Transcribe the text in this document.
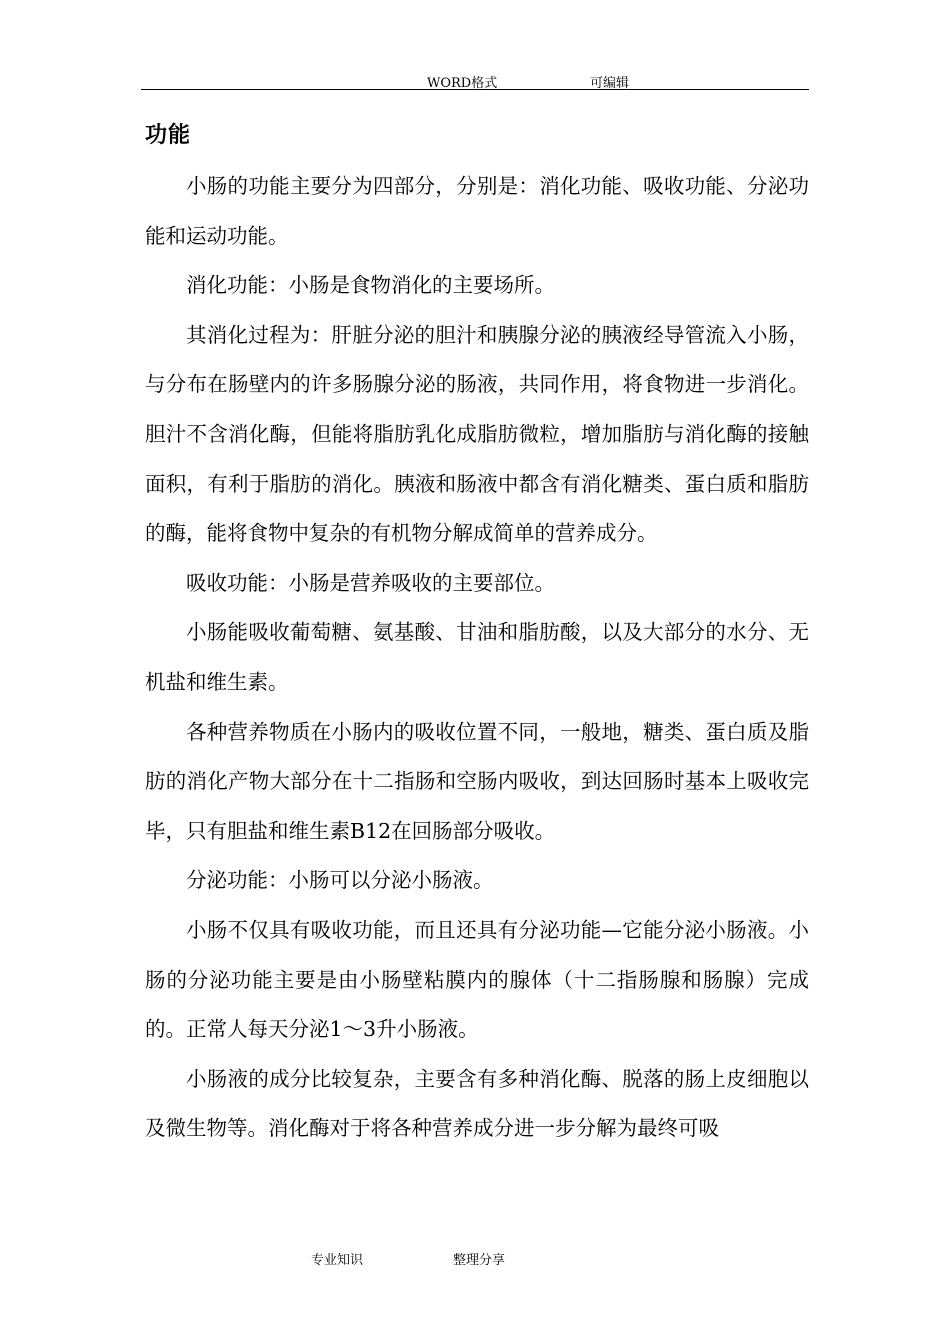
WORD格式	可编辑
功能

小肠的功能主要分为四部分，分别是：消化功能、吸收功能、分泌功能和运动功能。

消化功能：小肠是食物消化的主要场所。

其消化过程为：肝脏分泌的胆汁和胰腺分泌的胰液经导管流入小肠，与分布在肠壁内的许多肠腺分泌的肠液，共同作用，将食物进一步消化。胆汁不含消化酶，但能将脂肪乳化成脂肪微粒，增加脂肪与消化酶的接触面积，有利于脂肪的消化。胰液和肠液中都含有消化糖类、蛋白质和脂肪的酶，能将食物中复杂的有机物分解成简单的营养成分。

吸收功能：小肠是营养吸收的主要部位。

小肠能吸收葡萄糖、氨基酸、甘油和脂肪酸，以及大部分的水分、无机盐和维生素。

各种营养物质在小肠内的吸收位置不同，一般地，糖类、蛋白质及脂肪的消化产物大部分在十二指肠和空肠内吸收，到达回肠时基本上吸收完毕，只有胆盐和维生素B12在回肠部分吸收。

分泌功能：小肠可以分泌小肠液。

小肠不仅具有吸收功能，而且还具有分泌功能—它能分泌小肠液。小肠的分泌功能主要是由小肠壁粘膜内的腺体（十二指肠腺和肠腺）完成的。正常人每天分泌1～3升小肠液。

小肠液的成分比较复杂，主要含有多种消化酶、脱落的肠上皮细胞以及微生物等。消化酶对于将各种营养成分进一步分解为最终可吸

专业知识	整理分享
